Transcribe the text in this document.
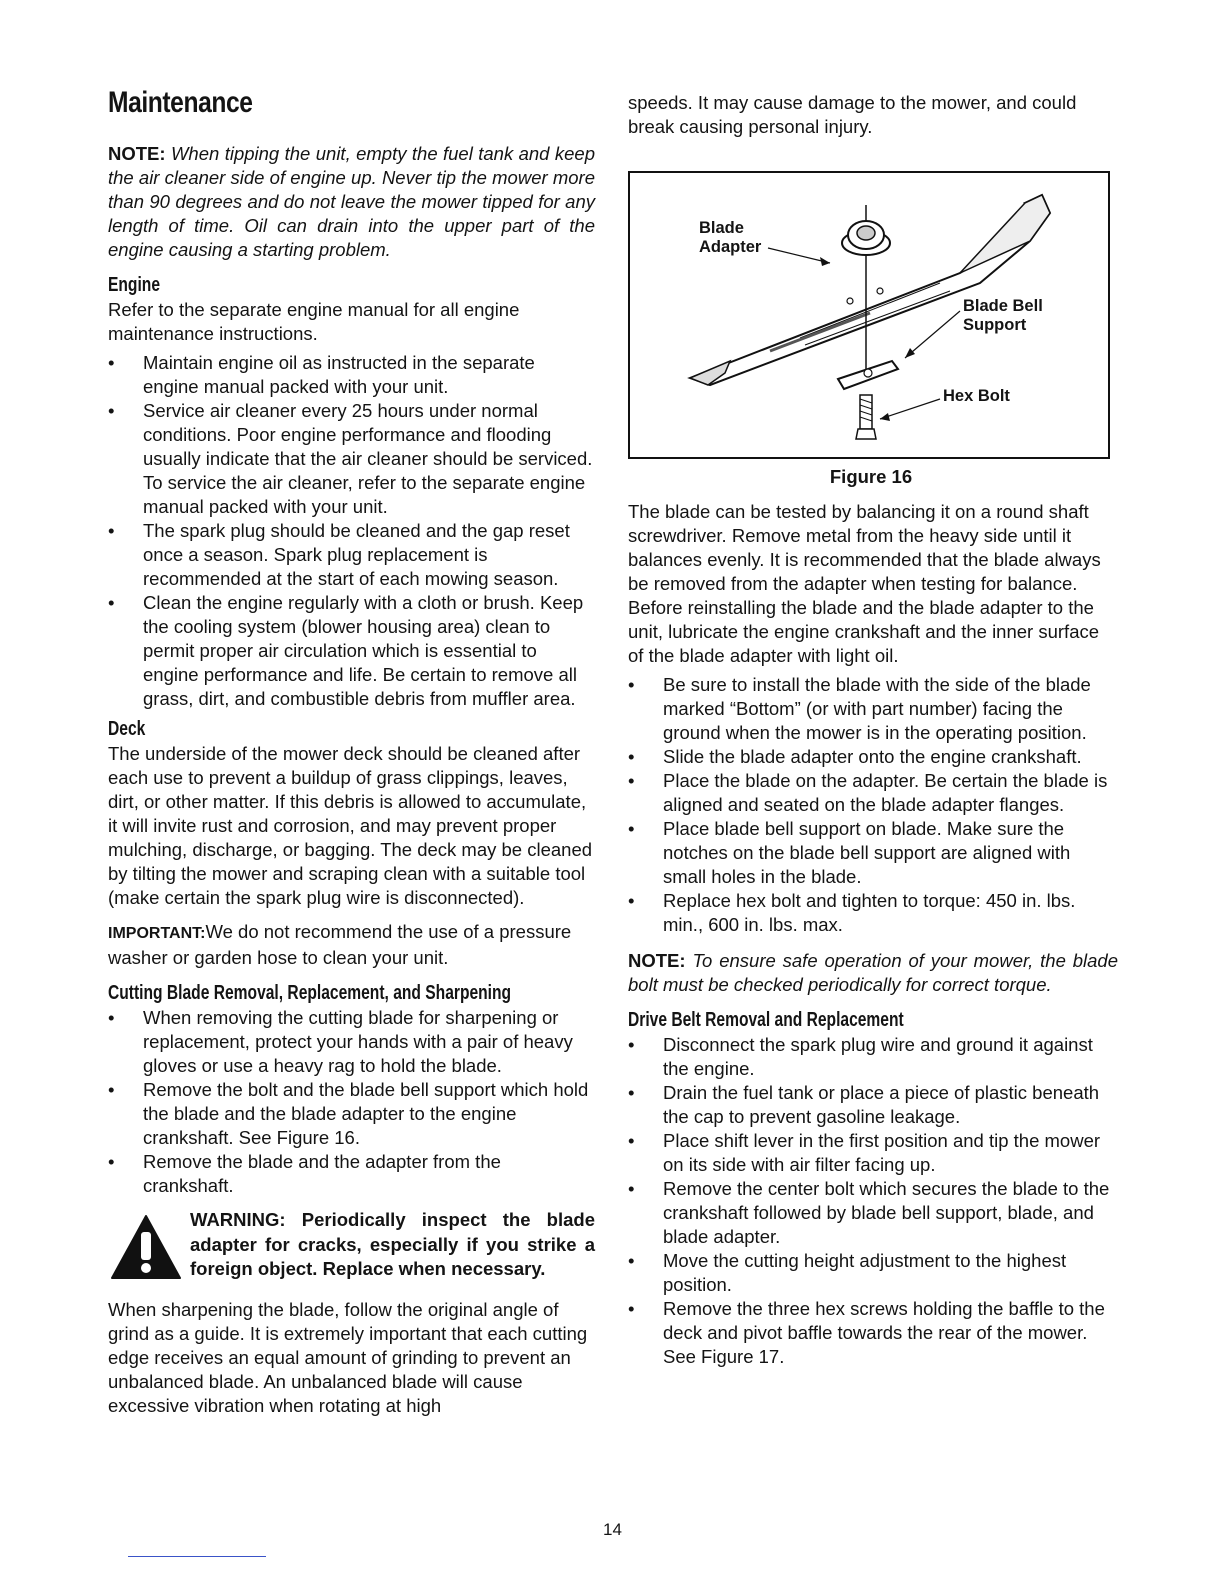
Maintenance

NOTE: When tipping the unit, empty the fuel tank and keep the air cleaner side of engine up. Never tip the mower more than 90 degrees and do not leave the mower tipped for any length of time. Oil can drain into the upper part of the engine causing a starting problem.

Engine

Refer to the separate engine manual for all engine maintenance instructions.

• Maintain engine oil as instructed in the separate engine manual packed with your unit.
• Service air cleaner every 25 hours under normal conditions. Poor engine performance and flooding usually indicate that the air cleaner should be serviced. To service the air cleaner, refer to the separate engine manual packed with your unit.
• The spark plug should be cleaned and the gap reset once a season. Spark plug replacement is recommended at the start of each mowing season.
• Clean the engine regularly with a cloth or brush. Keep the cooling system (blower housing area) clean to permit proper air circulation which is essential to engine performance and life. Be certain to remove all grass, dirt, and combustible debris from muffler area.
Deck

The underside of the mower deck should be cleaned after each use to prevent a buildup of grass clippings, leaves, dirt, or other matter. If this debris is allowed to accumulate, it will invite rust and corrosion, and may prevent proper mulching, discharge, or bagging. The deck may be cleaned by tilting the mower and scraping clean with a suitable tool (make certain the spark plug wire is disconnected).

IMPORTANT:We do not recommend the use of a pressure washer or garden hose to clean your unit.

Cutting Blade Removal, Replacement, and Sharpening
• When removing the cutting blade for sharpening or replacement, protect your hands with a pair of heavy gloves or use a heavy rag to hold the blade.
• Remove the bolt and the blade bell support which hold the blade and the blade adapter to the engine crankshaft. See Figure 16.
• Remove the blade and the adapter from the crankshaft.
WARNING: Periodically inspect the blade adapter for cracks, especially if you strike a foreign object. Replace when necessary.

When sharpening the blade, follow the original angle of grind as a guide. It is extremely important that each cutting edge receives an equal amount of grinding to prevent an unbalanced blade. An unbalanced blade will cause excessive vibration when rotating at high

speeds. It may cause damage to the mower, and could break causing personal injury.

Blade
Adapter
Blade Bell
Support
Hex Bolt
Figure 16

The blade can be tested by balancing it on a round shaft screwdriver. Remove metal from the heavy side until it balances evenly. It is recommended that the blade always be removed from the adapter when testing for balance. Before reinstalling the blade and the blade adapter to the unit, lubricate the engine crankshaft and the inner surface of the blade adapter with light oil.

• Be sure to install the blade with the side of the blade marked “Bottom” (or with part number) facing the ground when the mower is in the operating position.
• Slide the blade adapter onto the engine crankshaft.
• Place the blade on the adapter. Be certain the blade is aligned and seated on the blade adapter flanges.
• Place blade bell support on blade. Make sure the notches on the blade bell support are aligned with small holes in the blade.
• Replace hex bolt and tighten to torque: 450 in. lbs. min., 600 in. lbs. max.

NOTE: To ensure safe operation of your mower, the blade bolt must be checked periodically for correct torque.

Drive Belt Removal and Replacement
• Disconnect the spark plug wire and ground it against the engine.
• Drain the fuel tank or place a piece of plastic beneath the cap to prevent gasoline leakage.
• Place shift lever in the first position and tip the mower on its side with air filter facing up.
• Remove the center bolt which secures the blade to the crankshaft followed by blade bell support, blade, and blade adapter.
• Move the cutting height adjustment to the highest position.
• Remove the three hex screws holding the baffle to the deck and pivot baffle towards the rear of the mower. See Figure 17.
14
